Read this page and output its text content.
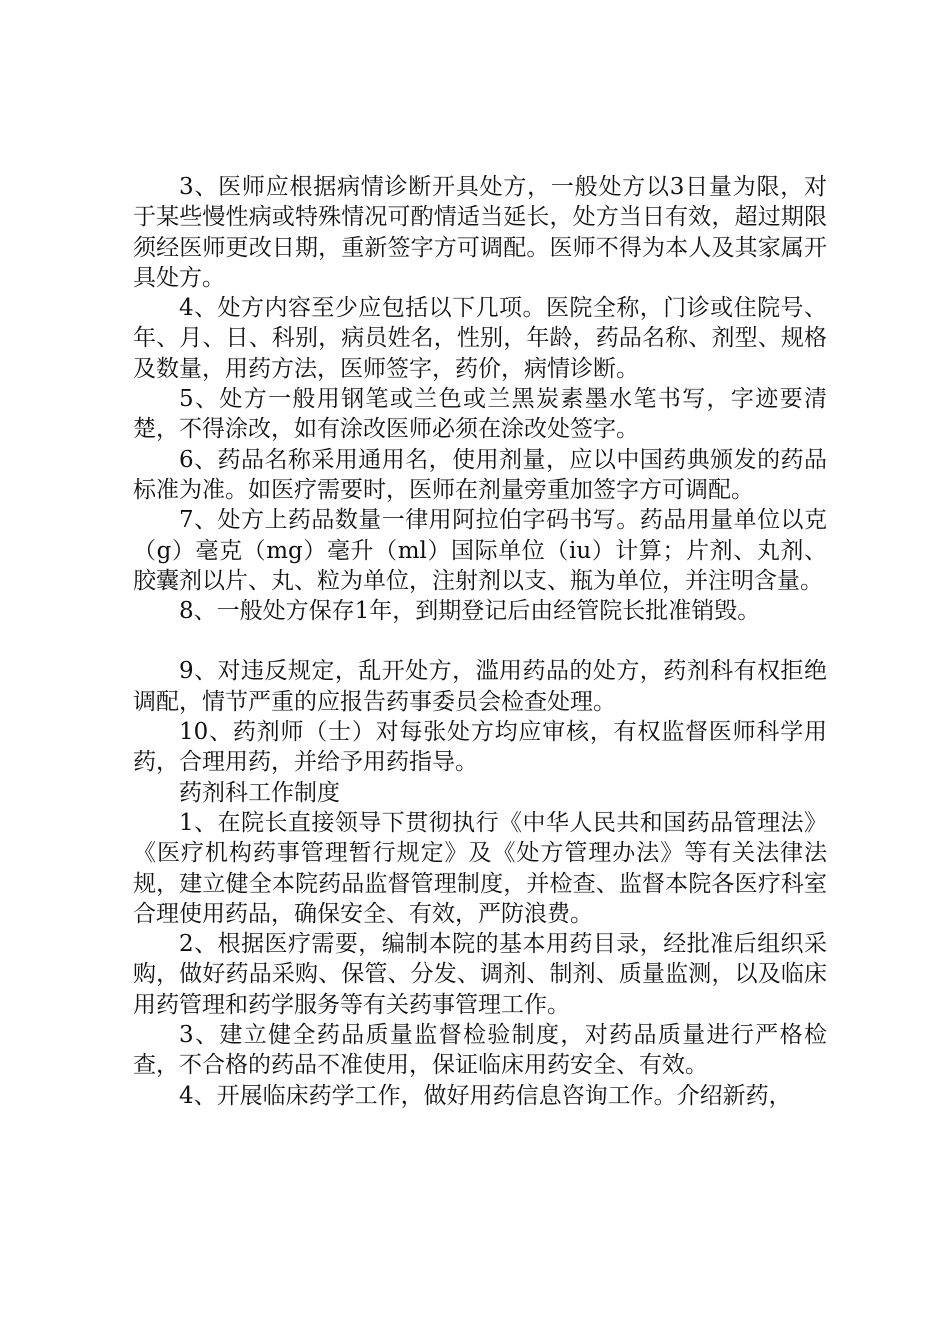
3、医师应根据病情诊断开具处方，一般处方以3日量为限，对于某些慢性病或特殊情况可酌情适当延长，处方当日有效，超过期限须经医师更改日期，重新签字方可调配。医师不得为本人及其家属开具处方。

4、处方内容至少应包括以下几项。医院全称，门诊或住院号、年、月、日、科别，病员姓名，性别，年龄，药品名称、剂型、规格及数量，用药方法，医师签字，药价，病情诊断。

5、处方一般用钢笔或兰色或兰黑炭素墨水笔书写，字迹要清楚，不得涂改，如有涂改医师必须在涂改处签字。

6、药品名称采用通用名，使用剂量，应以中国药典颁发的药品标准为准。如医疗需要时，医师在剂量旁重加签字方可调配。

7、处方上药品数量一律用阿拉伯字码书写。药品用量单位以克（g）毫克（mg）毫升（ml）国际单位（iu）计算；片剂、丸剂、胶囊剂以片、丸、粒为单位，注射剂以支、瓶为单位，并注明含量。

8、一般处方保存1年，到期登记后由经管院长批准销毁。

9、对违反规定，乱开处方，滥用药品的处方，药剂科有权拒绝调配，情节严重的应报告药事委员会检查处理。

10、药剂师（士）对每张处方均应审核，有权监督医师科学用药，合理用药，并给予用药指导。

药剂科工作制度

1、在院长直接领导下贯彻执行《中华人民共和国药品管理法》《医疗机构药事管理暂行规定》及《处方管理办法》等有关法律法规，建立健全本院药品监督管理制度，并检查、监督本院各医疗科室合理使用药品，确保安全、有效，严防浪费。

2、根据医疗需要，编制本院的基本用药目录，经批准后组织采购，做好药品采购、保管、分发、调剂、制剂、质量监测，以及临床用药管理和药学服务等有关药事管理工作。

3、建立健全药品质量监督检验制度，对药品质量进行严格检查，不合格的药品不准使用，保证临床用药安全、有效。

4、开展临床药学工作，做好用药信息咨询工作。介绍新药，
